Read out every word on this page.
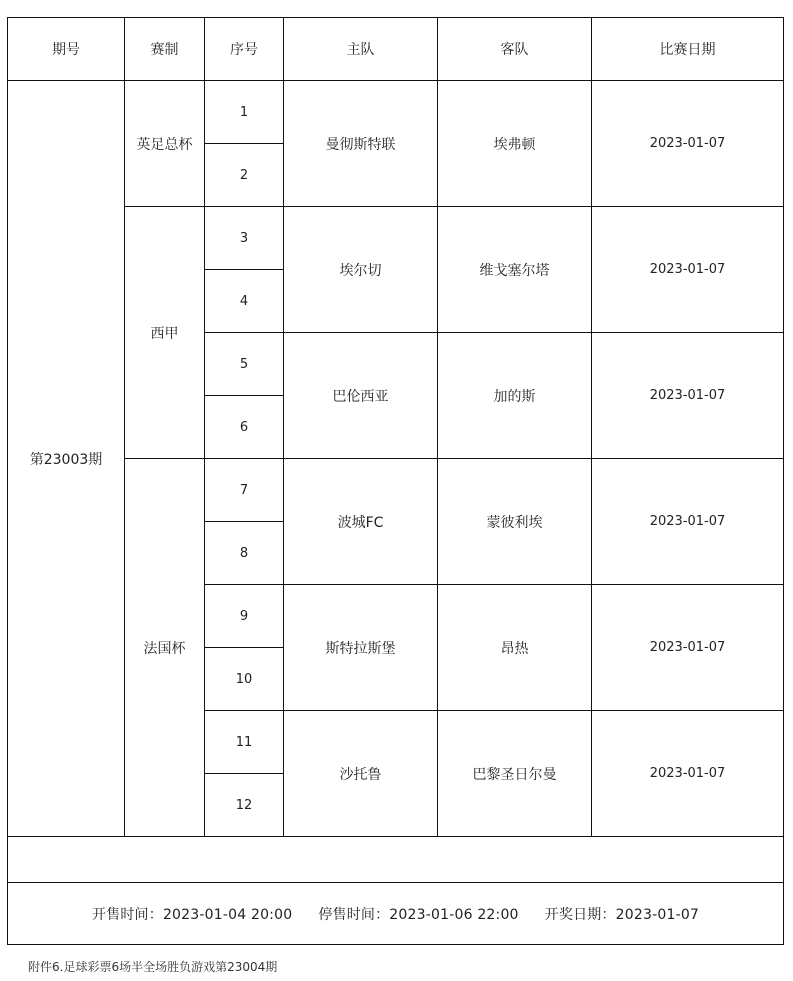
期号	赛制	序号	主队	客队	比赛日期
第23003期	英足总杯	1	曼彻斯特联	埃弗顿	2023-01-07
		2			
	西甲	3	埃尔切	维戈塞尔塔	2023-01-07
		4			
		5	巴伦西亚	加的斯	2023-01-07
		6			
	法国杯	7	波城FC	蒙彼利埃	2023-01-07
		8			
		9	斯特拉斯堡	昂热	2023-01-07
		10			
		11	沙托鲁	巴黎圣日尔曼	2023-01-07
		12			

开售时间：2023-01-04 20:00 停售时间：2023-01-06 22:00 开奖日期：2023-01-07					
附件6.足球彩票6场半全场胜负游戏第23004期
